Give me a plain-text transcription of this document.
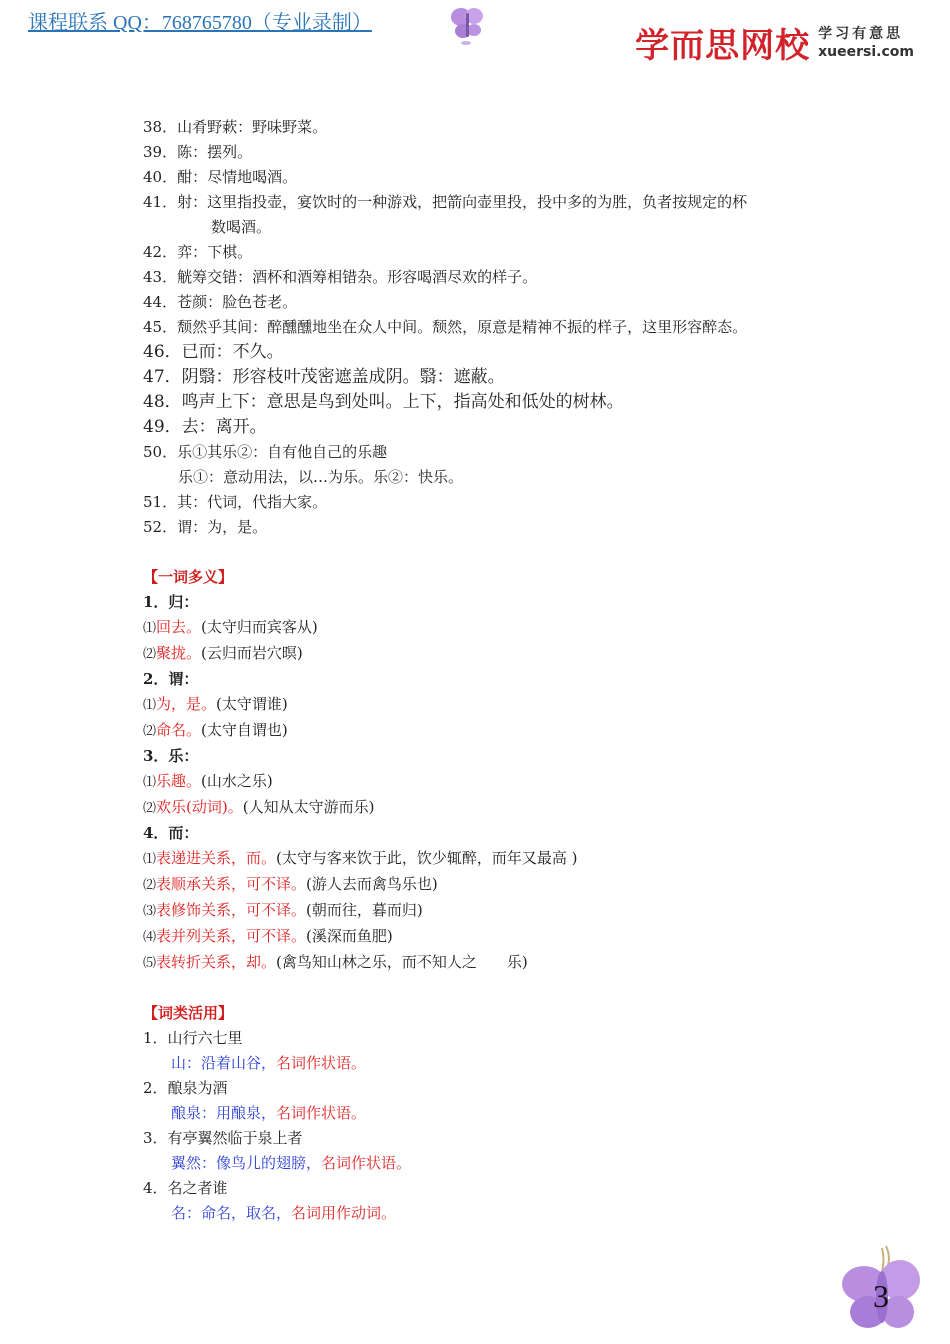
课程联系 QQ：768765780（专业录制）
学而思网校 学习有意思
xueersi.com
38．山肴野蔌：野味野菜。
39．陈：摆列。
40．酣：尽情地喝酒。
41．射：这里指投壶，宴饮时的一种游戏，把箭向壶里投，投中多的为胜，负者按规定的杯
数喝酒。
42．弈：下棋。
43．觥筹交错：酒杯和酒筹相错杂。形容喝酒尽欢的样子。
44．苍颜：脸色苍老。
45．颓然乎其间：醉醺醺地坐在众人中间。颓然，原意是精神不振的样子，这里形容醉态。
46．已而：不久。
47．阴翳：形容枝叶茂密遮盖成阴。翳：遮蔽。
48．鸣声上下：意思是鸟到处叫。上下，指高处和低处的树林。
49．去：离开。
50．乐①其乐②：自有他自己的乐趣
乐①：意动用法，以…为乐。乐②：快乐。
51．其：代词，代指大家。
52．谓：为，是。
【一词多义】
1．归：
⑴回去。(太守归而宾客从)
⑵聚拢。(云归而岩穴暝)
2．谓：
⑴为，是。(太守谓谁)
⑵命名。(太守自谓也)
3．乐：
⑴乐趣。(山水之乐)
⑵欢乐(动词)。(人知从太守游而乐)
4．而：
⑴表递进关系，而。(太守与客来饮于此，饮少辄醉，而年又最高 )
⑵表顺承关系，可不译。(游人去而禽鸟乐也)
⑶表修饰关系，可不译。(朝而往，暮而归)
⑷表并列关系，可不译。(溪深而鱼肥)
⑸表转折关系，却。(禽鸟知山林之乐，而不知人之　　乐)
【词类活用】
1．山行六七里
山：沿着山谷，名词作状语。
2．酿泉为酒
酿泉：用酿泉，名词作状语。
3．有亭翼然临于泉上者
翼然：像鸟儿的翅膀，名词作状语。
4．名之者谁
名：命名，取名，名词用作动词。
3
